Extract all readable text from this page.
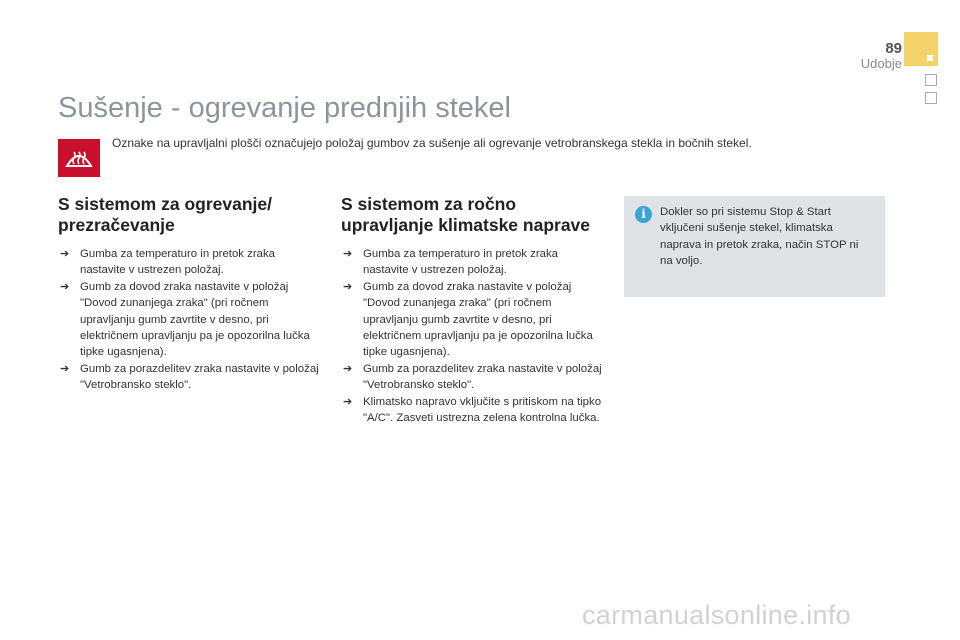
89
Udobje
Sušenje - ogrevanje prednjih stekel
Oznake na upravljalni plošči označujejo položaj gumbov za sušenje ali ogrevanje vetrobranskega stekla in bočnih stekel.
S sistemom za ogrevanje/ prezračevanje
➔ Gumba za temperaturo in pretok zraka nastavite v ustrezen položaj.
➔ Gumb za dovod zraka nastavite v položaj "Dovod zunanjega zraka" (pri ročnem upravljanju gumb zavrtite v desno, pri električnem upravljanju pa je opozorilna lučka tipke ugasnjena).
➔ Gumb za porazdelitev zraka nastavite v položaj "Vetrobransko steklo".
S sistemom za ročno upravljanje klimatske naprave
➔ Gumba za temperaturo in pretok zraka nastavite v ustrezen položaj.
➔ Gumb za dovod zraka nastavite v položaj "Dovod zunanjega zraka" (pri ročnem upravljanju gumb zavrtite v desno, pri električnem upravljanju pa je opozorilna lučka tipke ugasnjena).
➔ Gumb za porazdelitev zraka nastavite v položaj "Vetrobransko steklo".
➔ Klimatsko napravo vključite s pritiskom na tipko "A/C". Zasveti ustrezna zelena kontrolna lučka.
i	Dokler so pri sistemu Stop & Start vključeni sušenje stekel, klimatska naprava in pretok zraka, način STOP ni na voljo.
carmanualsonline.info
